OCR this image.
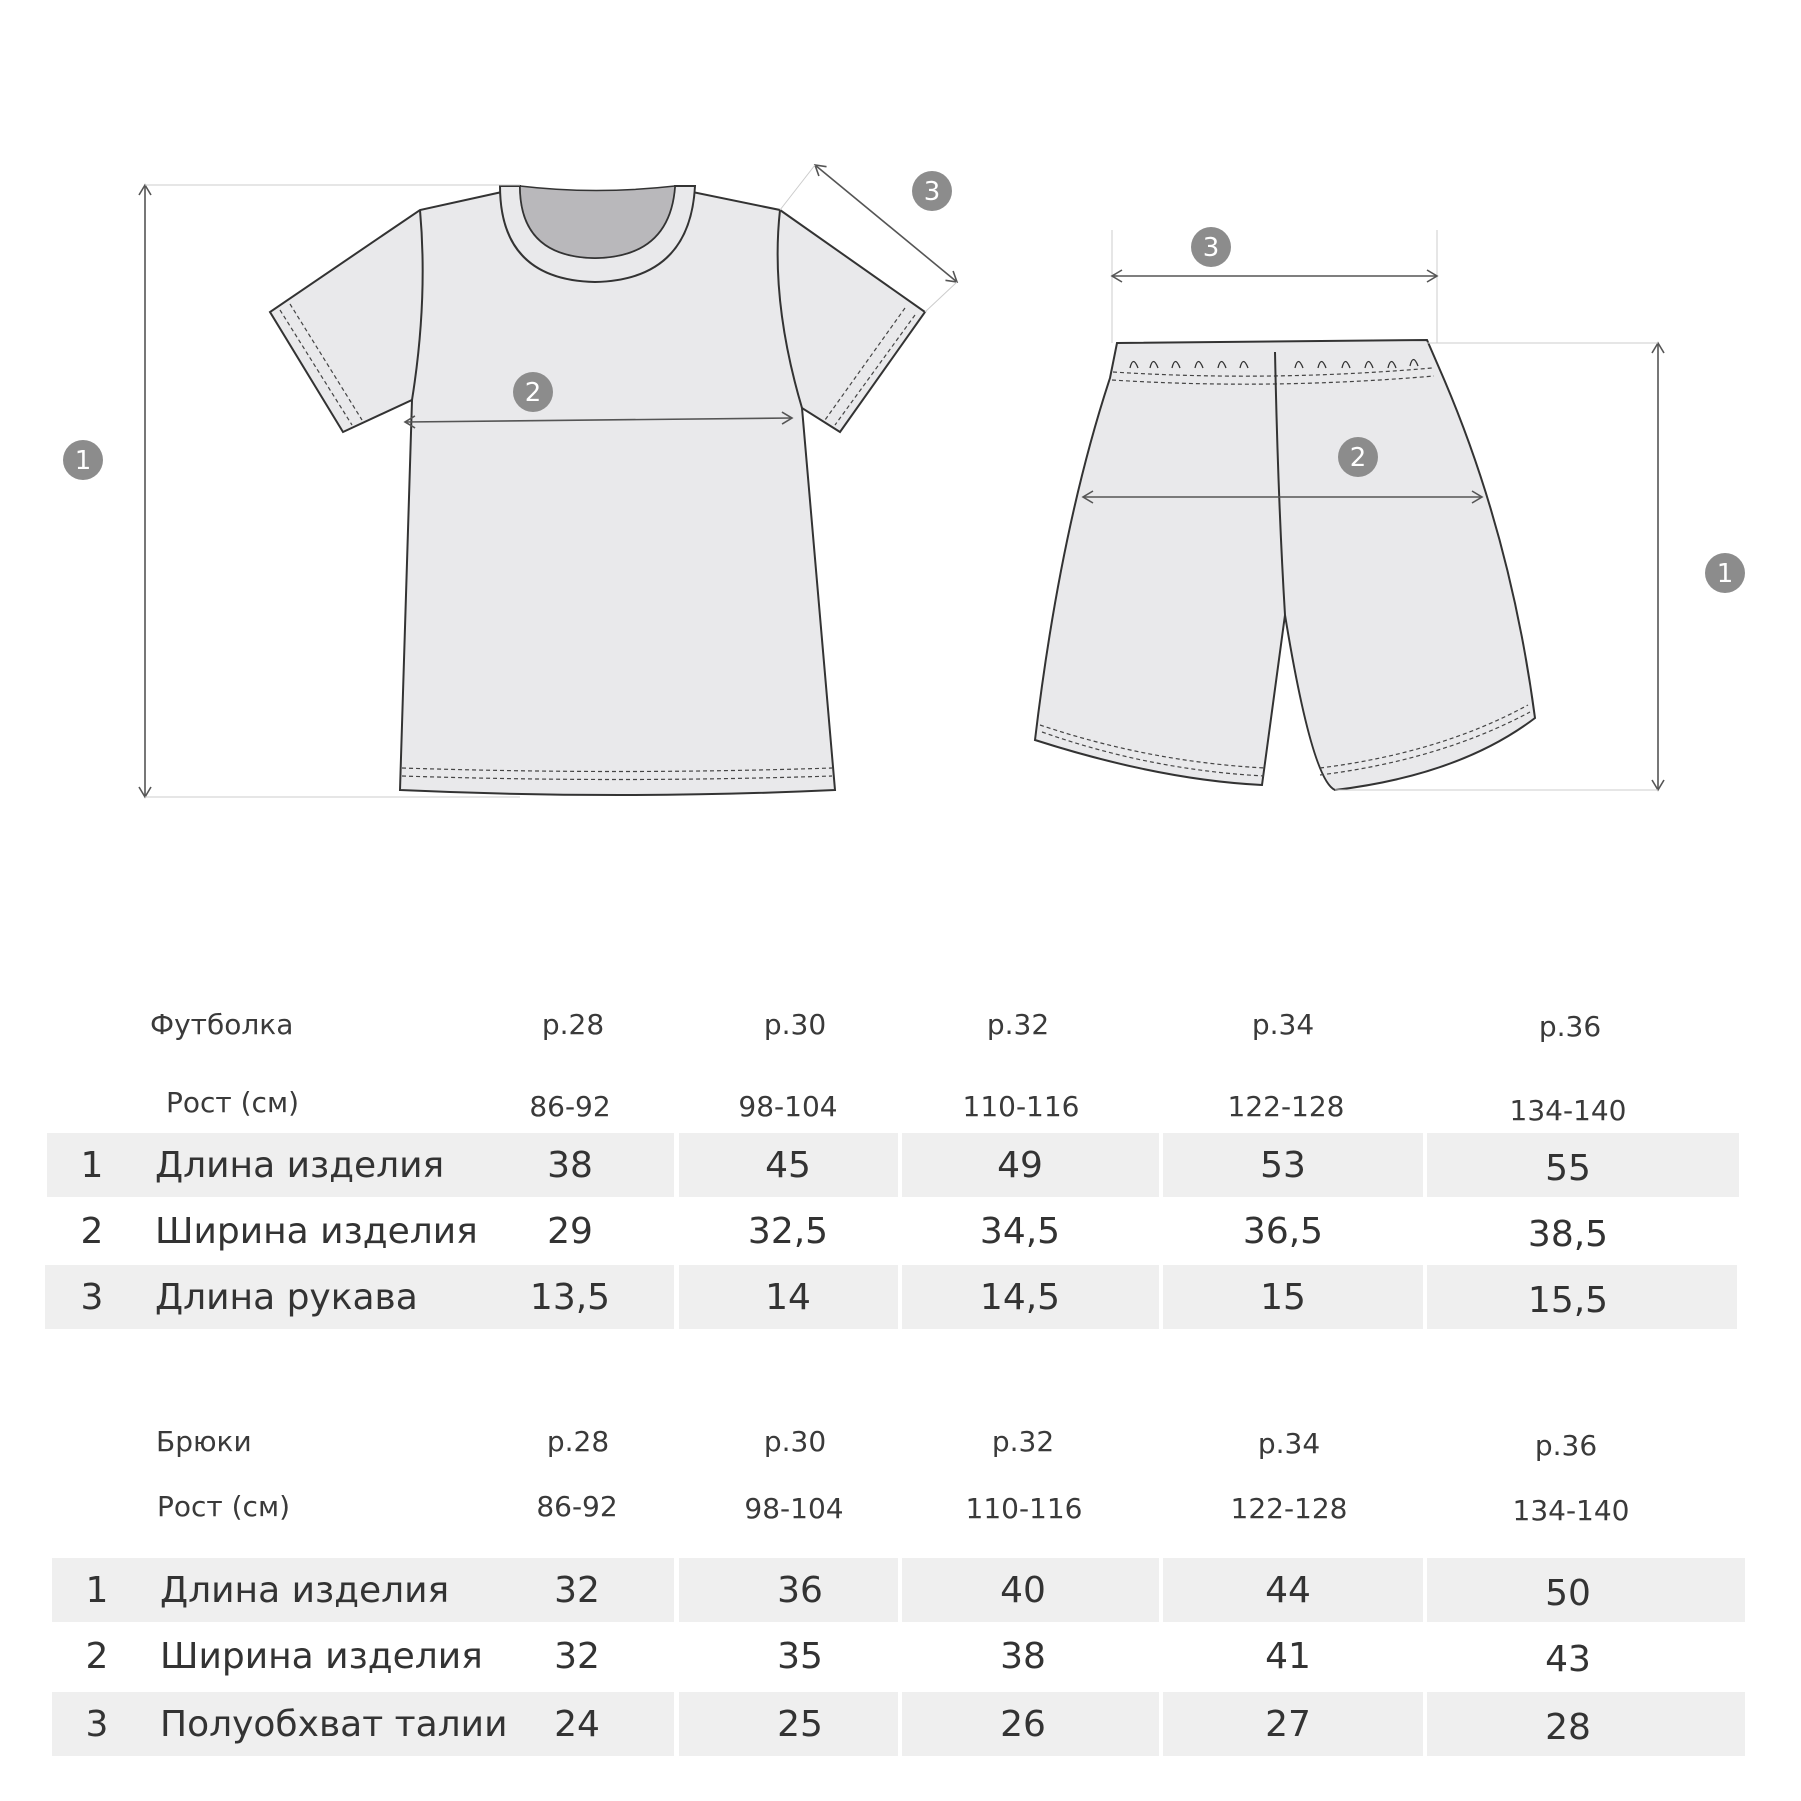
1
2
3
3
2
1
Футболка	р.28	р.30	р.32	р.34	р.36
Рост (см)	86-92	98-104	110-116	122-128	134-140
1 Длина изделия	38	45	49	53	55
2 Ширина изделия	29	32,5	34,5	36,5	38,5
3 Длина рукава	13,5	14	14,5	15	15,5
Брюки	р.28	р.30	р.32	р.34	р.36
Рост (см)	86-92	98-104	110-116	122-128	134-140
1 Длина изделия	32	36	40	44	50
2 Ширина изделия	32	35	38	41	43
3 Полуобхват талии	24	25	26	27	28
